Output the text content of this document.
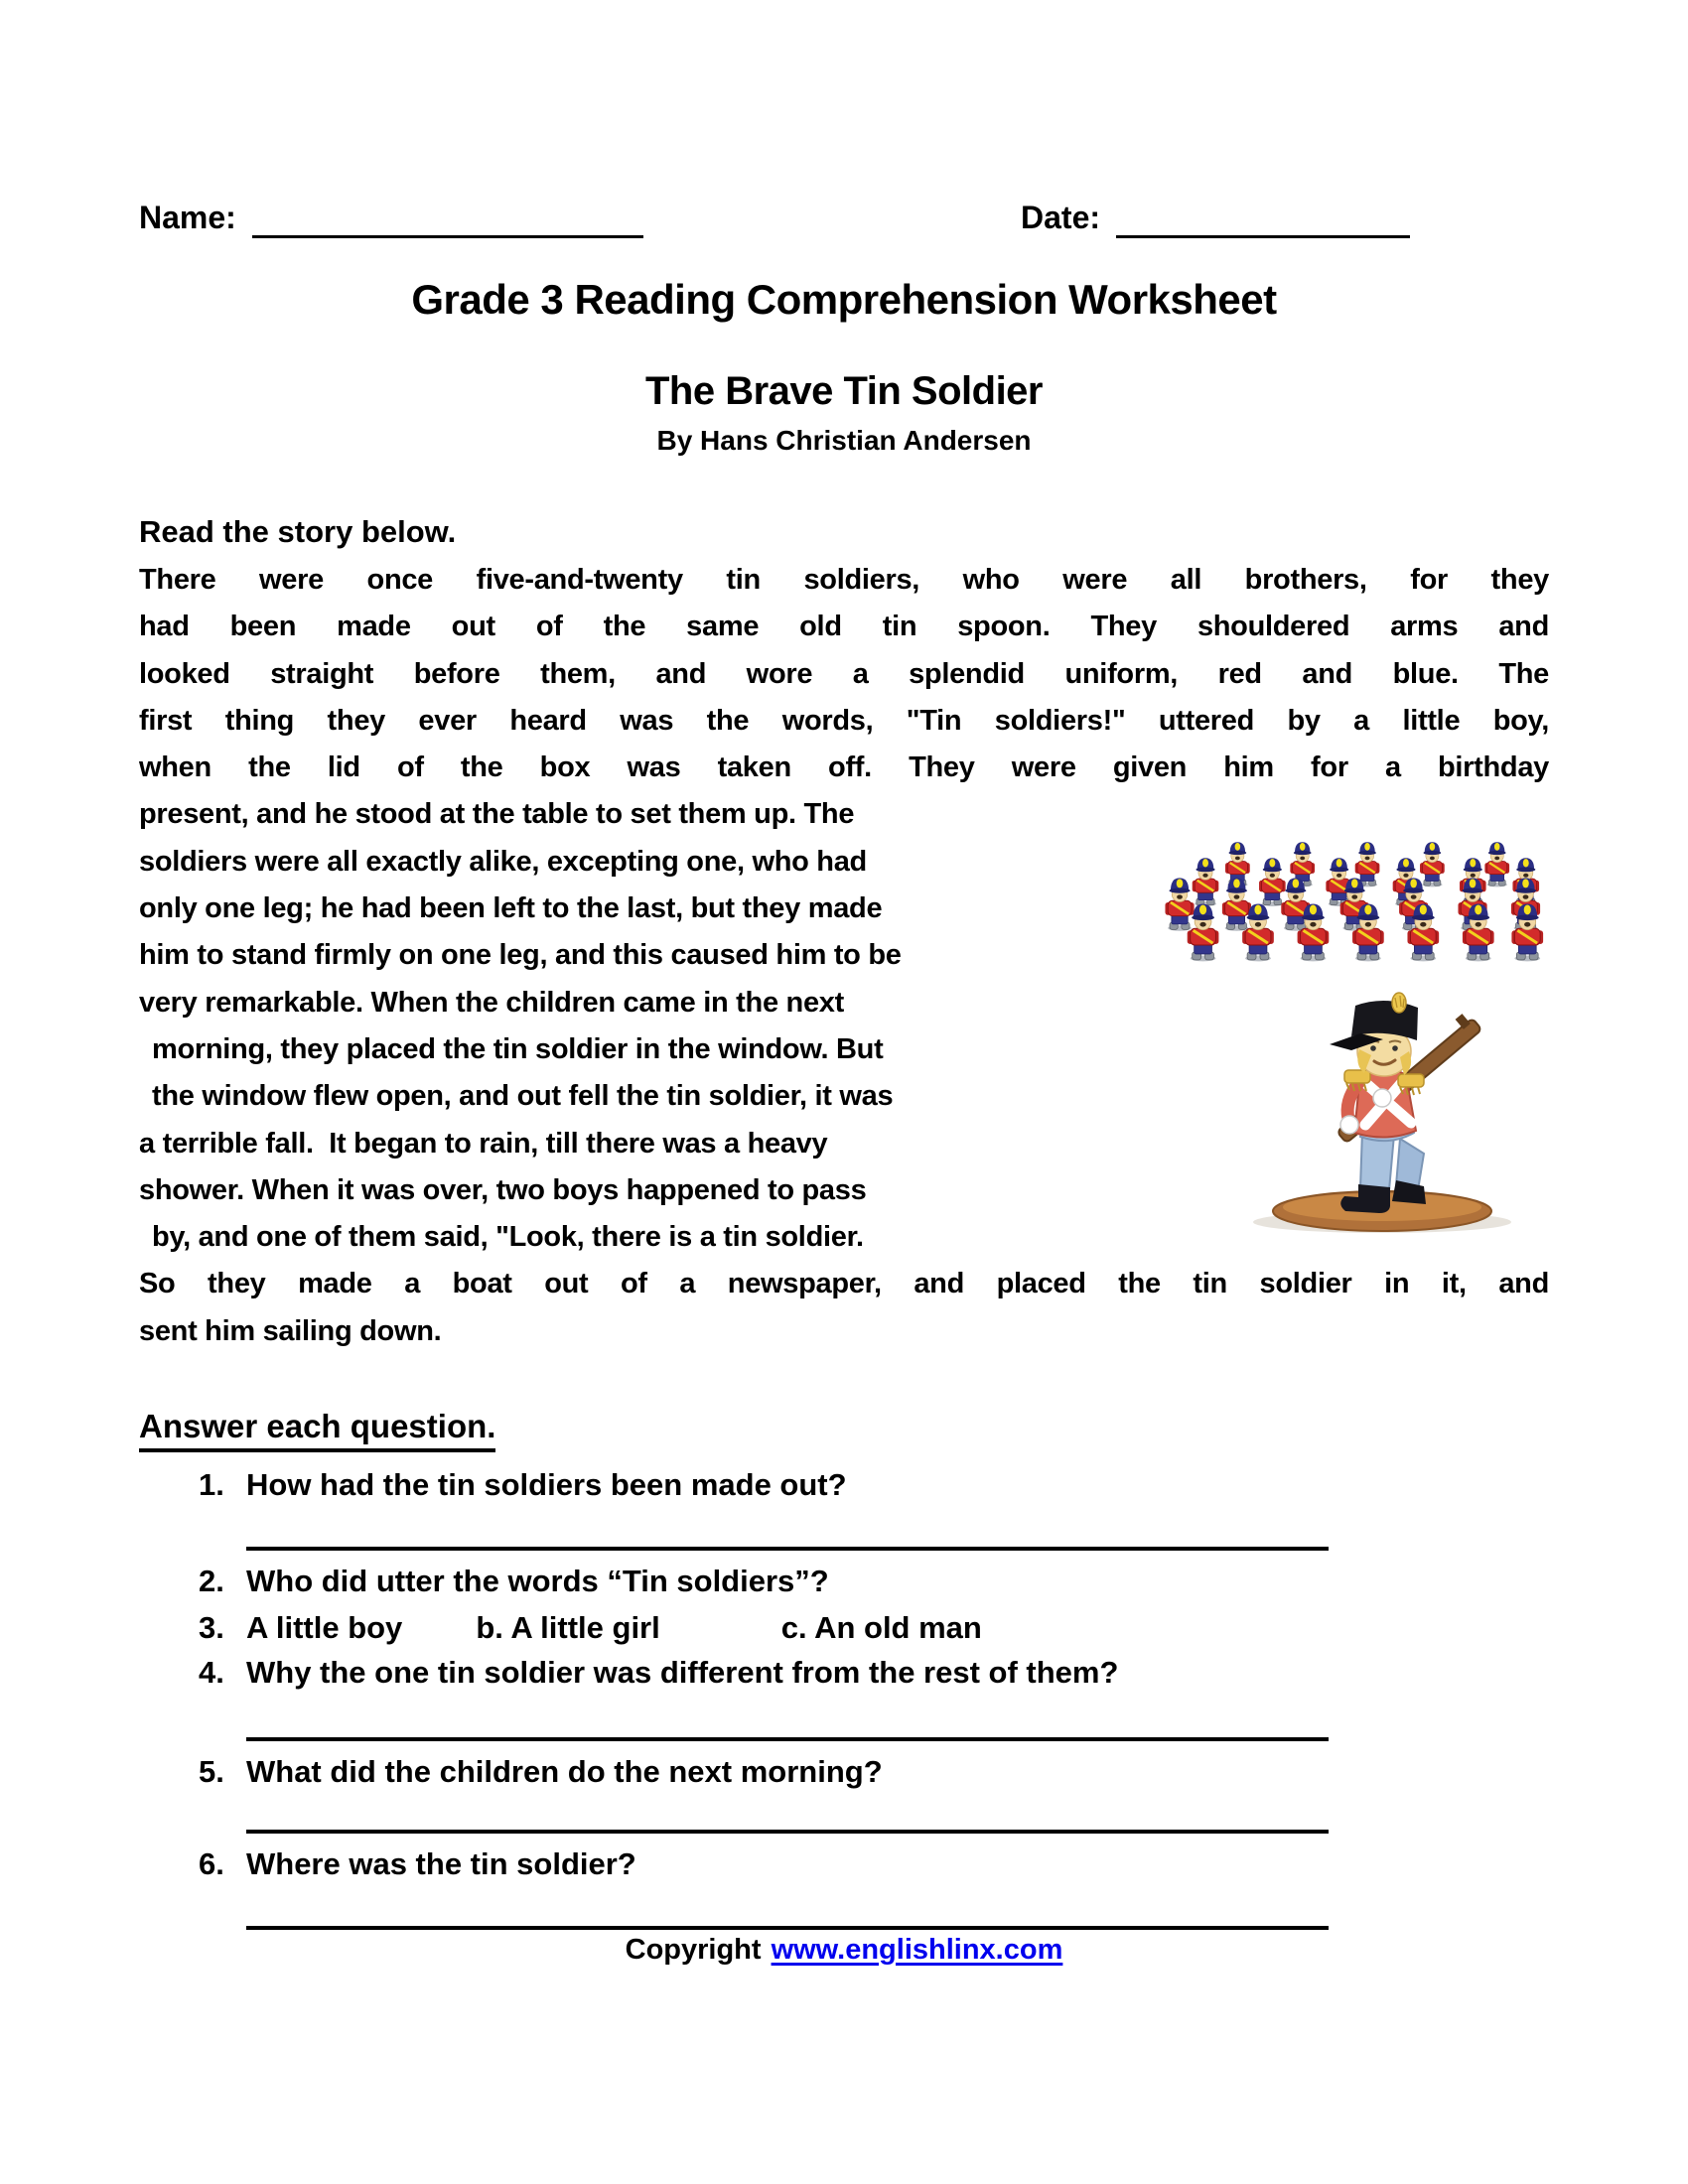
Name:	Date:
Grade 3 Reading Comprehension Worksheet
The Brave Tin Soldier
By Hans Christian Andersen
Read the story below.
There were once five-and-twenty tin soldiers, who were all brothers, for they
had been made out of the same old tin spoon. They shouldered arms and
looked straight before them, and wore a splendid uniform, red and blue. The
first thing they ever heard was the words, "Tin soldiers!" uttered by a little boy,
when the lid of the box was taken off. They were given him for a birthday
present, and he stood at the table to set them up. The
soldiers were all exactly alike, excepting one, who had
only one leg; he had been left to the last, but they made
him to stand firmly on one leg, and this caused him to be
very remarkable. When the children came in the next
morning, they placed the tin soldier in the window. But
the window flew open, and out fell the tin soldier, it was
a terrible fall.  It began to rain, till there was a heavy
shower. When it was over, two boys happened to pass
by, and one of them said, "Look, there is a tin soldier.
So they made a boat out of a newspaper, and placed the tin soldier in it, and
sent him sailing down.
Answer each question.
1. How had the tin soldiers been made out?
2. Who did utter the words “Tin soldiers”?
3. A little boy b. A little girl	c. An old man
4. Why the one tin soldier was different from the rest of them?
5. What did the children do the next morning?
6. Where was the tin soldier?
Copyright www.englishlinx.com
